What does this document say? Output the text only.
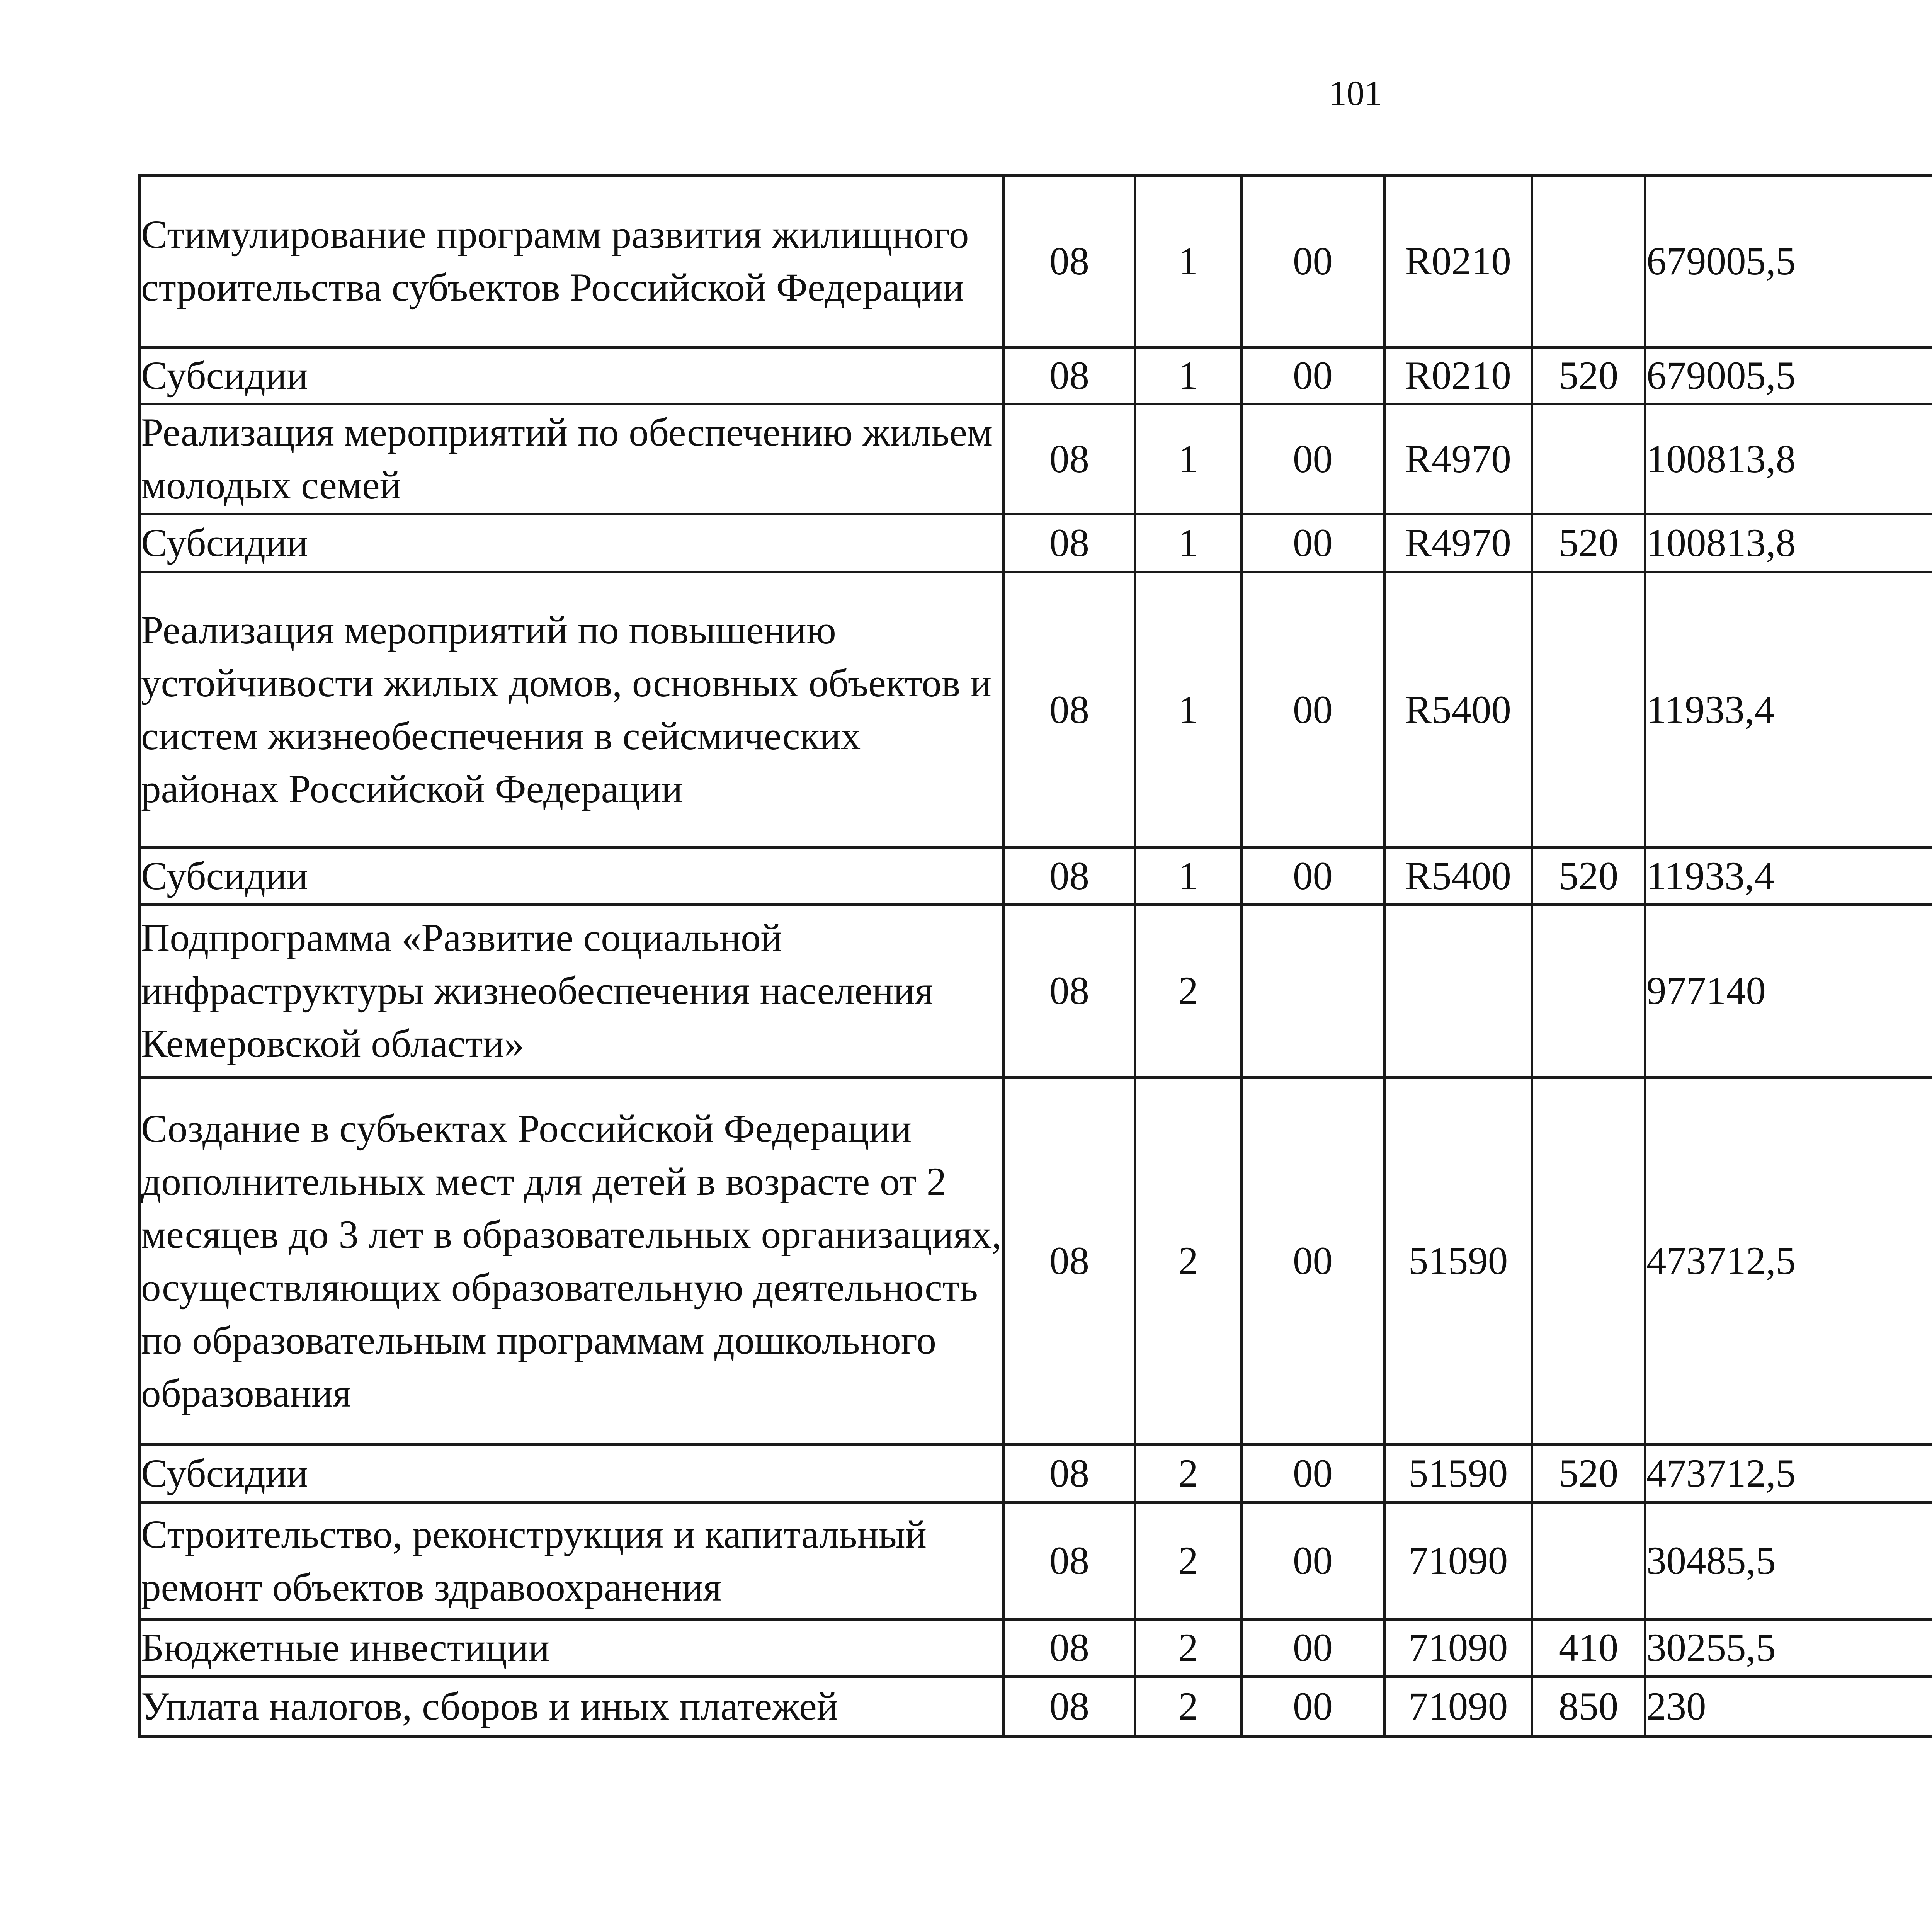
101
Стимулирование программ развития жилищного строительства субъектов Российской Федерации	08	1	00	R0210		679005,5		
Субсидии	08	1	00	R0210	520	679005,5		
Реализация мероприятий по обеспечению жильем молодых семей	08	1	00	R4970		100813,8		
Субсидии	08	1	00	R4970	520	100813,8		
Реализация мероприятий по повышению устойчивости жилых домов, основных объектов и систем жизнеобеспечения в сейсмических районах Российской Федерации	08	1	00	R5400		11933,4		
Субсидии	08	1	00	R5400	520	11933,4		
Подпрограмма «Развитие социальной инфраструктуры жизнеобеспечения населения Кемеровской области»	08	2				977140		
Создание в субъектах Российской Федерации дополнительных мест для детей в возрасте от 2 месяцев до 3 лет в образовательных организациях, осуществляющих образовательную деятельность по образовательным программам дошкольного образования	08	2	00	51590		473712,5		
Субсидии	08	2	00	51590	520	473712,5		
Строительство, реконструкция и капитальный ремонт объектов здравоохранения	08	2	00	71090		30485,5		
Бюджетные инвестиции	08	2	00	71090	410	30255,5		
Уплата налогов, сборов и иных платежей	08	2	00	71090	850	230		
